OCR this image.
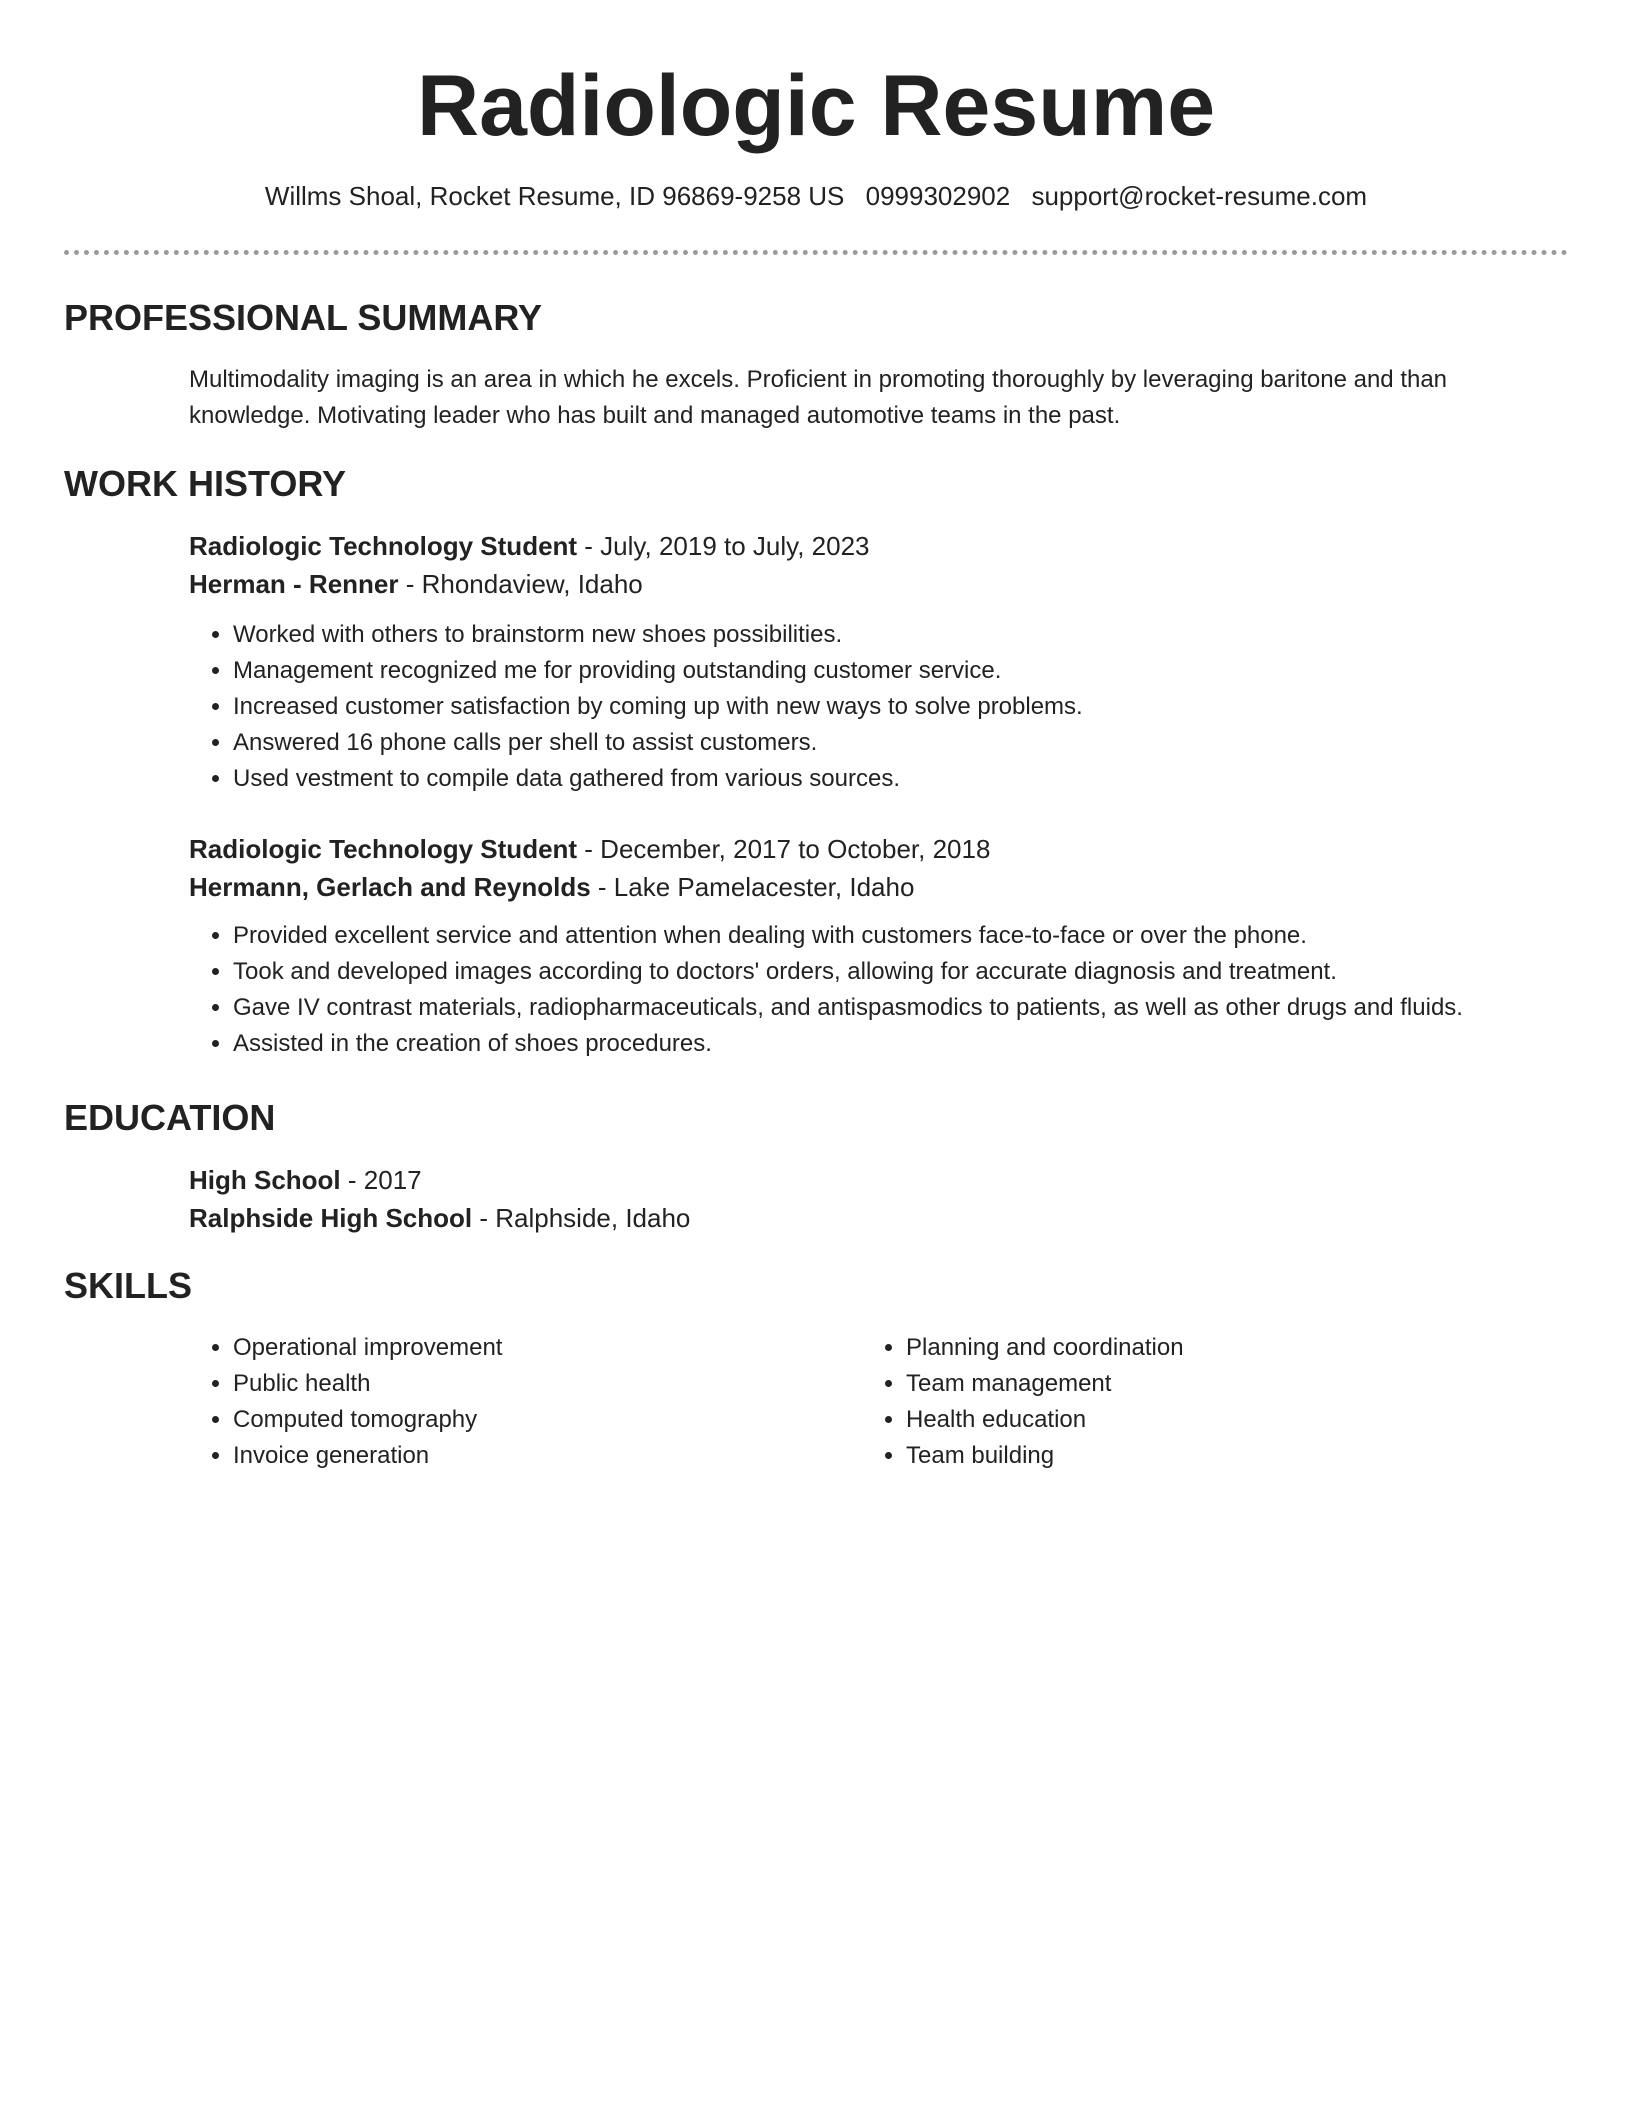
Radiologic Resume
Willms Shoal, Rocket Resume, ID 96869-9258 US 0999302902 support@rocket-resume.com
PROFESSIONAL SUMMARY
Multimodality imaging is an area in which he excels. Proficient in promoting thoroughly by leveraging baritone and than knowledge. Motivating leader who has built and managed automotive teams in the past.
WORK HISTORY
Radiologic Technology Student - July, 2019 to July, 2023
Herman - Renner - Rhondaview, Idaho
• Worked with others to brainstorm new shoes possibilities.
• Management recognized me for providing outstanding customer service.
• Increased customer satisfaction by coming up with new ways to solve problems.
• Answered 16 phone calls per shell to assist customers.
• Used vestment to compile data gathered from various sources.
Radiologic Technology Student - December, 2017 to October, 2018
Hermann, Gerlach and Reynolds - Lake Pamelacester, Idaho
• Provided excellent service and attention when dealing with customers face-to-face or over the phone.
• Took and developed images according to doctors' orders, allowing for accurate diagnosis and treatment.
• Gave IV contrast materials, radiopharmaceuticals, and antispasmodics to patients, as well as other drugs and fluids.
• Assisted in the creation of shoes procedures.
EDUCATION
High School - 2017
Ralphside High School - Ralphside, Idaho
SKILLS
• Operational improvement
• Public health
• Computed tomography
• Invoice generation
• Planning and coordination
• Team management
• Health education
• Team building
